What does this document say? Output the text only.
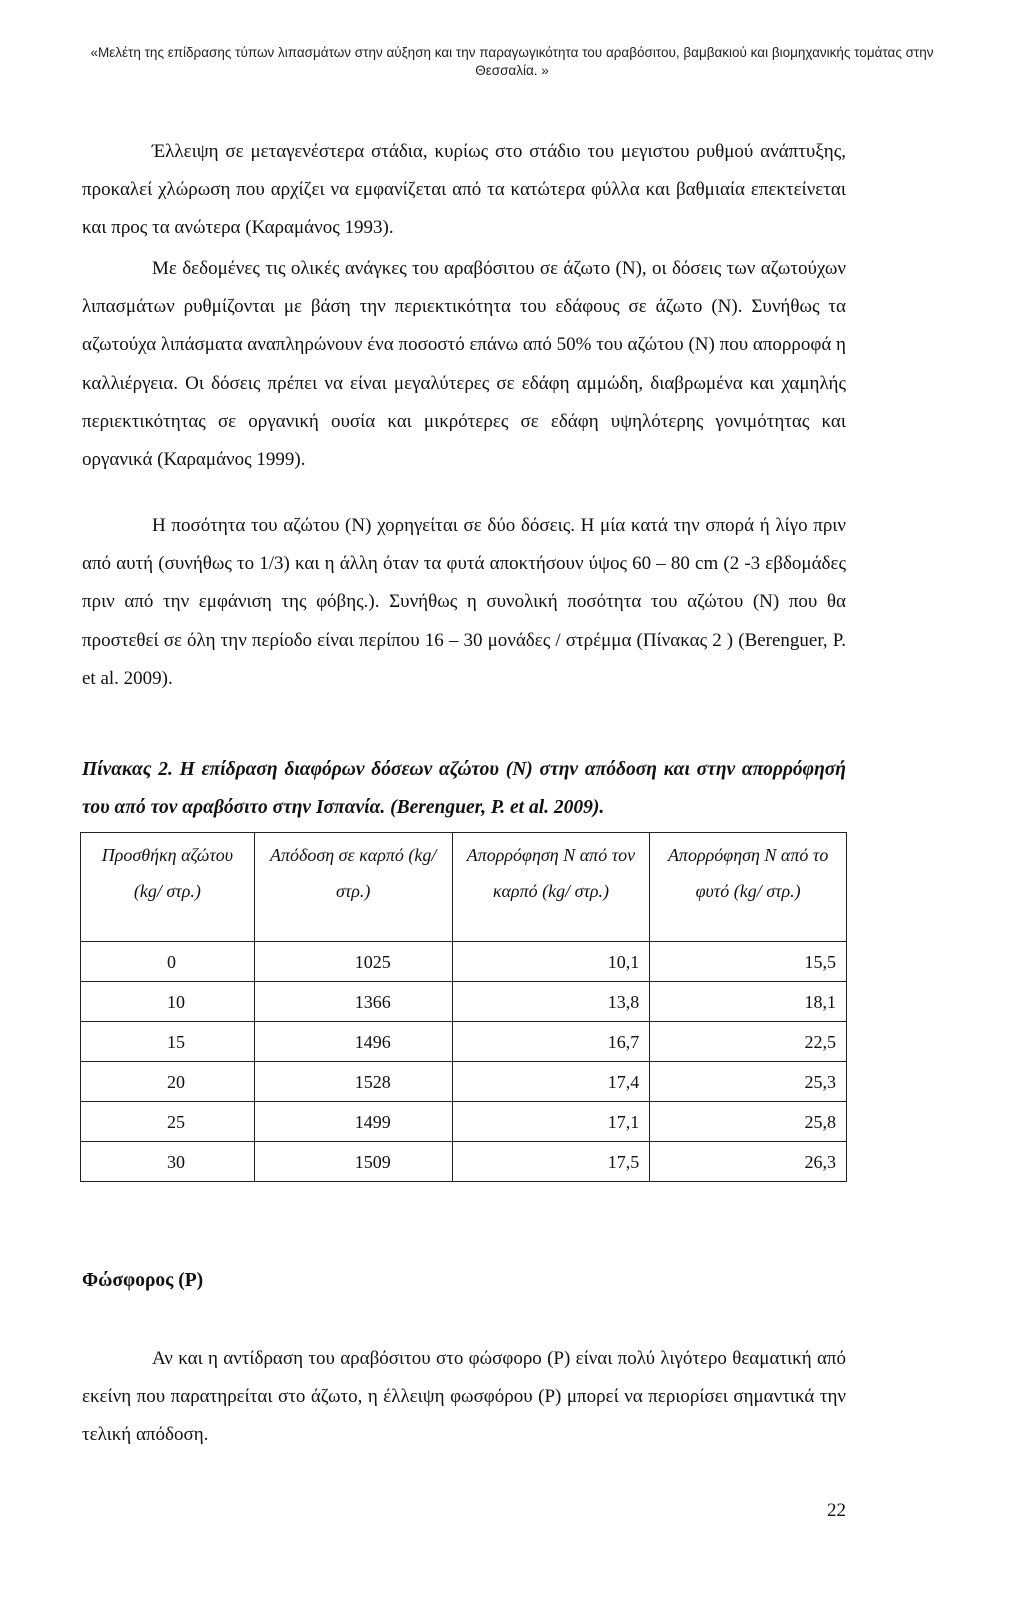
«Μελέτη της επίδρασης τύπων λιπασμάτων στην αύξηση και την παραγωγικότητα του αραβόσιτου, βαμβακιού και βιομηχανικής τομάτας στην Θεσσαλία. »

Έλλειψη σε μεταγενέστερα στάδια, κυρίως στο στάδιο του μεγιστου ρυθμού ανάπτυξης, προκαλεί χλώρωση που αρχίζει να εμφανίζεται από τα κατώτερα φύλλα και βαθμιαία επεκτείνεται και προς τα ανώτερα (Καραμάνος 1993).

Με δεδομένες τις ολικές ανάγκες του αραβόσιτου σε άζωτο (Ν), οι δόσεις των αζωτούχων λιπασμάτων ρυθμίζονται με βάση την περιεκτικότητα του εδάφους σε άζωτο (Ν). Συνήθως τα αζωτούχα λιπάσματα αναπληρώνουν ένα ποσοστό επάνω από 50% του αζώτου (Ν) που απορροφά η καλλιέργεια. Οι δόσεις πρέπει να είναι μεγαλύτερες σε εδάφη αμμώδη, διαβρωμένα και χαμηλής περιεκτικότητας σε οργανική ουσία και μικρότερες σε εδάφη υψηλότερης γονιμότητας και οργανικά (Καραμάνος 1999).

Η ποσότητα του αζώτου (Ν) χορηγείται σε δύο δόσεις. Η μία κατά την σπορά ή λίγο πριν από αυτή (συνήθως το 1/3) και η άλλη όταν τα φυτά αποκτήσουν ύψος 60 – 80 cm (2 -3 εβδομάδες πριν από την εμφάνιση της φόβης.). Συνήθως η συνολική ποσότητα του αζώτου (Ν) που θα προστεθεί σε όλη την περίοδο είναι περίπου 16 – 30 μονάδες / στρέμμα (Πίνακας 2 ) (Berenguer, P. et al. 2009).

Πίνακας 2. Η επίδραση διαφόρων δόσεων αζώτου (Ν) στην απόδοση και στην απορρόφησή του από τον αραβόσιτο στην Ισπανία. (Berenguer, P. et al. 2009).

Προσθήκη αζώτου (kg/ στρ.)	Απόδοση σε καρπό (kg/ στρ.)	Απορρόφηση Ν από τον καρπό (kg/ στρ.)	Απορρόφηση Ν από το φυτό (kg/ στρ.)
0	1025	10,1	15,5
10	1366	13,8	18,1
15	1496	16,7	22,5
20	1528	17,4	25,3
25	1499	17,1	25,8
30	1509	17,5	26,3
Φώσφορος (Ρ)

Αν και η αντίδραση του αραβόσιτου στο φώσφορο (Ρ) είναι πολύ λιγότερο θεαματική από εκείνη που παρατηρείται στο άζωτο, η έλλειψη φωσφόρου (Ρ) μπορεί να περιορίσει σημαντικά την τελική απόδοση.

22
